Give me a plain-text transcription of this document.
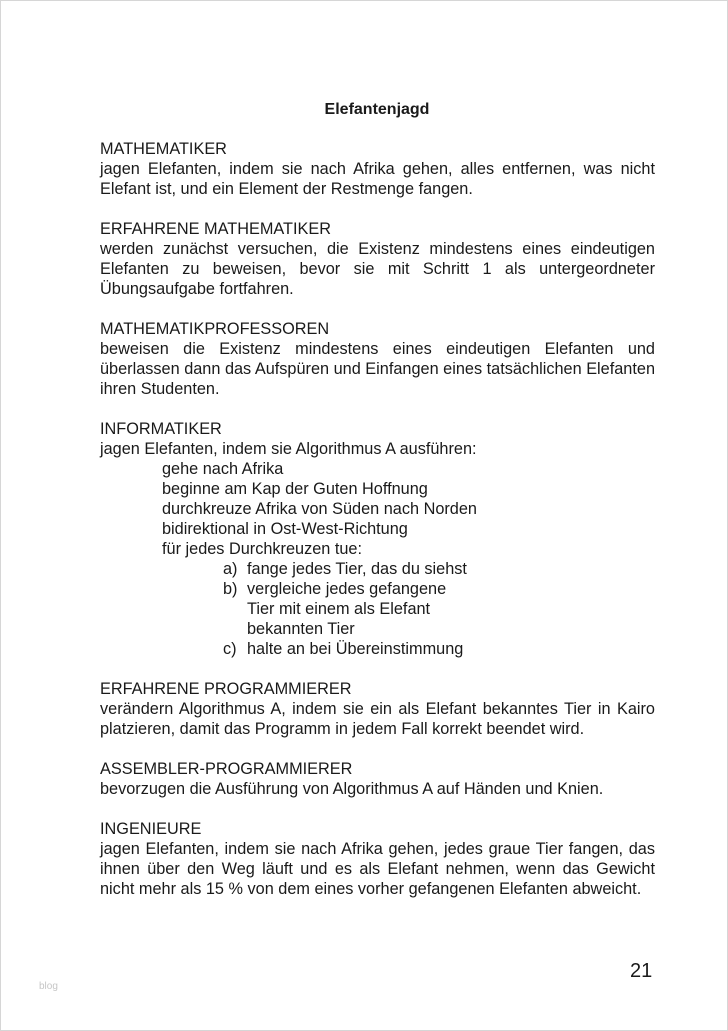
Elefantenjagd
MATHEMATIKER
jagen Elefanten, indem sie nach Afrika gehen, alles entfernen, was nicht Elefant ist, und ein Element der Restmenge fangen.
ERFAHRENE MATHEMATIKER
werden zunächst versuchen, die Existenz mindestens eines eindeutigen Elefanten zu beweisen, bevor sie mit Schritt 1 als untergeordneter Übungsaufgabe fortfahren.
MATHEMATIKPROFESSOREN
beweisen die Existenz mindestens eines eindeutigen Elefanten und überlassen dann das Aufspüren und Einfangen eines tatsächlichen Elefanten ihren Studenten.
INFORMATIKER
jagen Elefanten, indem sie Algorithmus A ausführen:
gehe nach Afrika
beginne am Kap der Guten Hoffnung
durchkreuze Afrika von Süden nach Norden
bidirektional in Ost-West-Richtung
für jedes Durchkreuzen tue:
a) fange jedes Tier, das du siehst
b) vergleiche jedes gefangene Tier mit einem als Elefant bekannten Tier
c) halte an bei Übereinstimmung
ERFAHRENE PROGRAMMIERER
verändern Algorithmus A, indem sie ein als Elefant bekanntes Tier in Kairo platzieren, damit das Programm in jedem Fall korrekt beendet wird.
ASSEMBLER-PROGRAMMIERER
bevorzugen die Ausführung von Algorithmus A auf Händen und Knien.
INGENIEURE
jagen Elefanten, indem sie nach Afrika gehen, jedes graue Tier fangen, das ihnen über den Weg läuft und es als Elefant nehmen, wenn das Gewicht nicht mehr als 15 % von dem eines vorher gefangenen Elefanten abweicht.
21
blog
